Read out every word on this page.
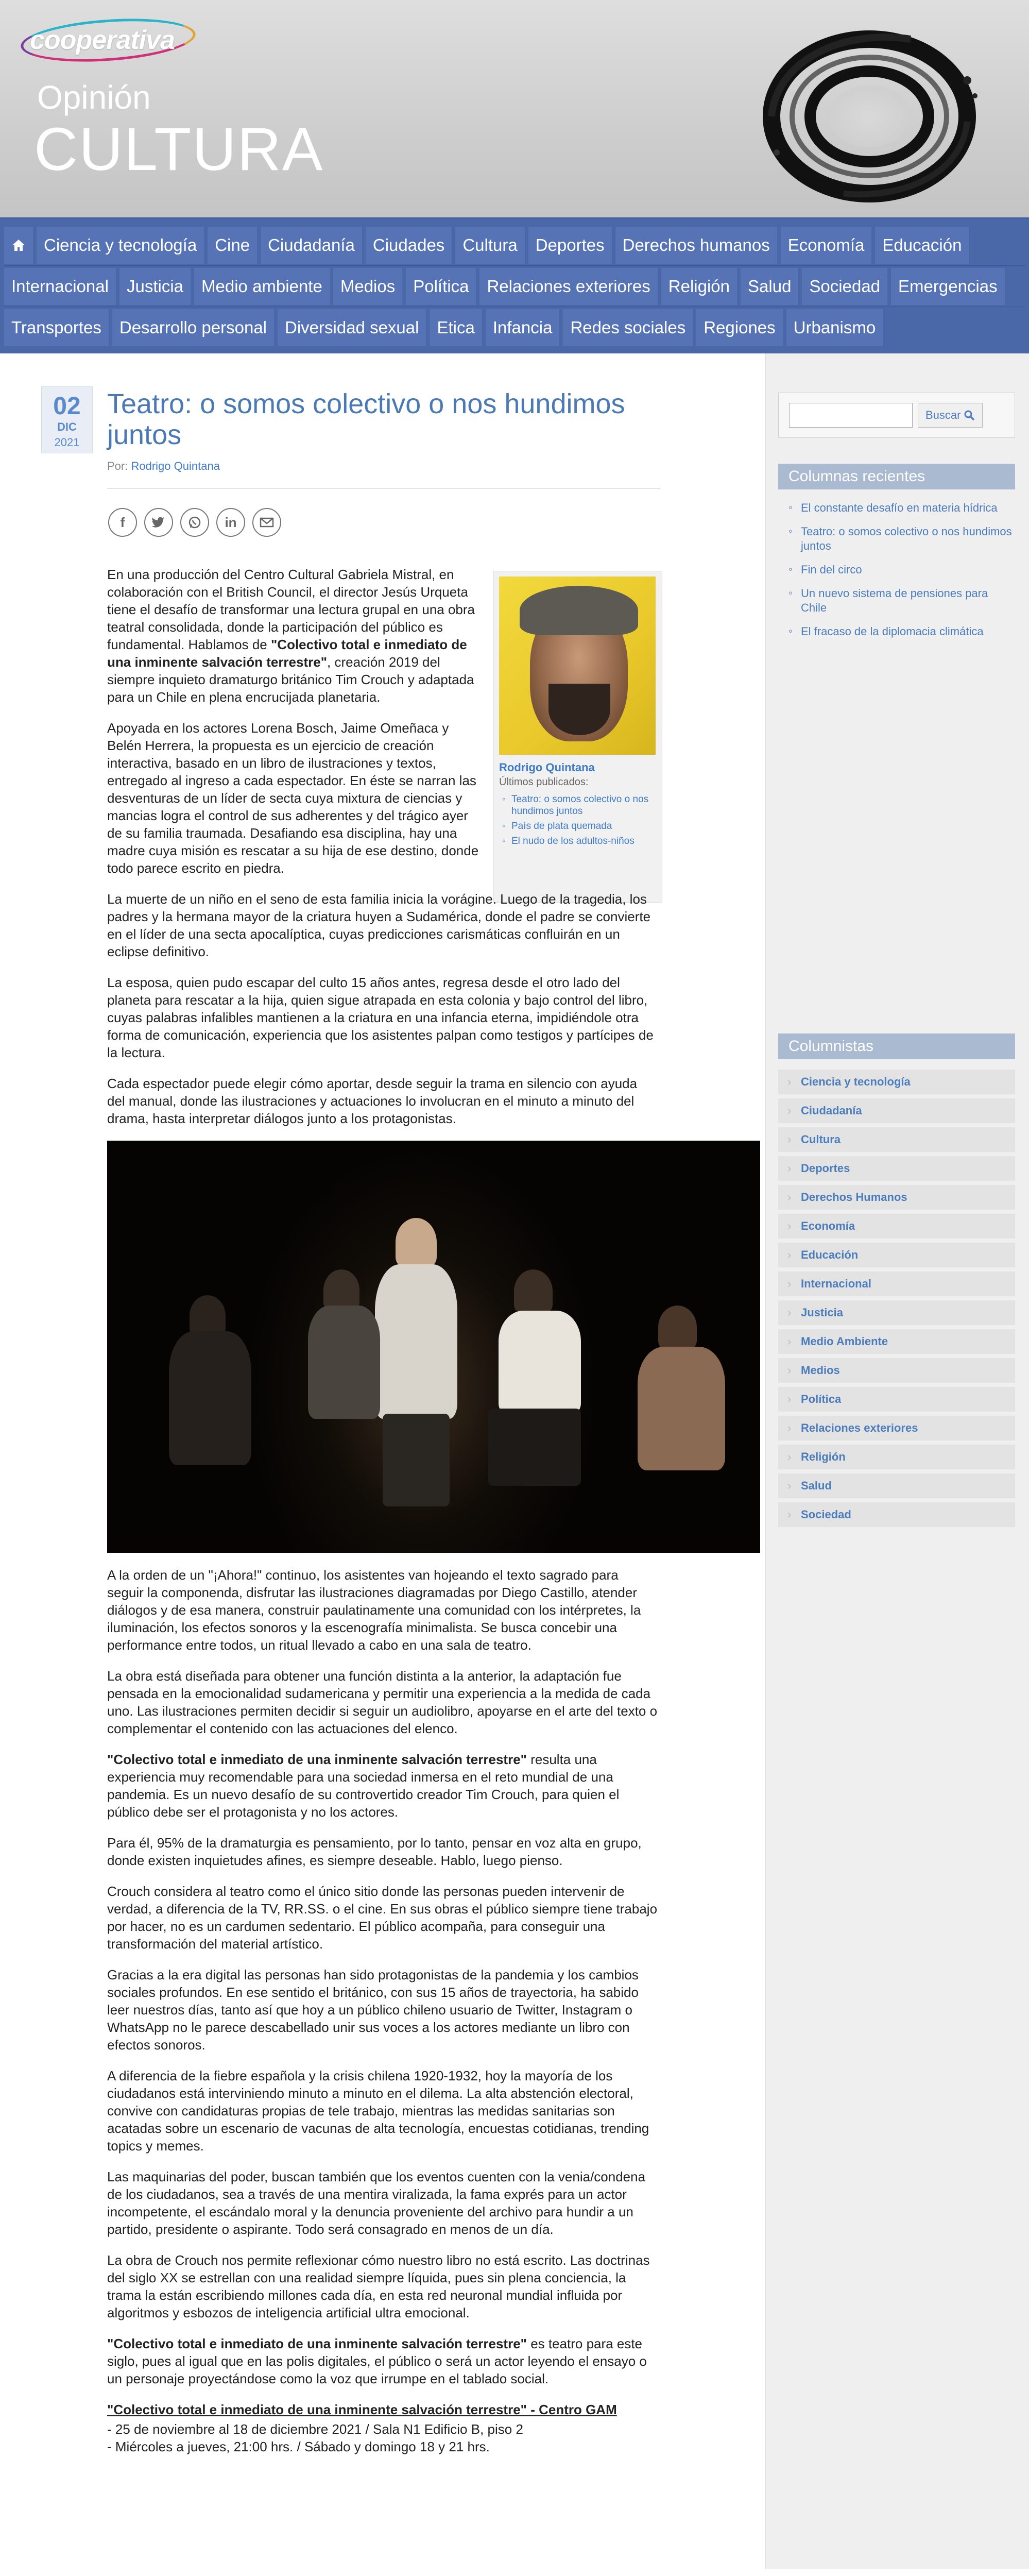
cooperativa
Opinión
CULTURA
Ciencia y tecnología	Cine	Ciudadanía	Ciudades	Cultura	Deportes	Derechos humanos	Economía	Educación
Internacional	Justicia	Medio ambiente	Medios	Política	Relaciones exteriores	Religión	Salud	Sociedad	Emergencias
Transportes	Desarrollo personal	Diversidad sexual	Etica	Infancia	Redes sociales	Regiones	Urbanismo
02
DIC
2021
Teatro: o somos colectivo o nos hundimos juntos
Por: Rodrigo Quintana
f	in
Rodrigo Quintana
Últimos publicados:
◦ Teatro: o somos colectivo o nos hundimos juntos
◦ País de plata quemada
◦ El nudo de los adultos-niños

En una producción del Centro Cultural Gabriela Mistral, en colaboración con el British Council, el director Jesús Urqueta tiene el desafío de transformar una lectura grupal en una obra teatral consolidada, donde la participación del público es fundamental. Hablamos de "Colectivo total e inmediato de una inminente salvación terrestre", creación 2019 del siempre inquieto dramaturgo británico Tim Crouch y adaptada para un Chile en plena encrucijada planetaria.

Apoyada en los actores Lorena Bosch, Jaime Omeñaca y Belén Herrera, la propuesta es un ejercicio de creación interactiva, basado en un libro de ilustraciones y textos, entregado al ingreso a cada espectador. En éste se narran las desventuras de un líder de secta cuya mixtura de ciencias y mancias logra el control de sus adherentes y del trágico ayer de su familia traumada. Desafiando esa disciplina, hay una madre cuya misión es rescatar a su hija de ese destino, donde todo parece escrito en piedra.

La muerte de un niño en el seno de esta familia inicia la vorágine. Luego de la tragedia, los padres y la hermana mayor de la criatura huyen a Sudamérica, donde el padre se convierte en el líder de una secta apocalíptica, cuyas predicciones carismáticas confluirán en un eclipse definitivo.

La esposa, quien pudo escapar del culto 15 años antes, regresa desde el otro lado del planeta para rescatar a la hija, quien sigue atrapada en esta colonia y bajo control del libro, cuyas palabras infalibles mantienen a la criatura en una infancia eterna, impidiéndole otra forma de comunicación, experiencia que los asistentes palpan como testigos y partícipes de la lectura.

Cada espectador puede elegir cómo aportar, desde seguir la trama en silencio con ayuda del manual, donde las ilustraciones y actuaciones lo involucran en el minuto a minuto del drama, hasta interpretar diálogos junto a los protagonistas.

A la orden de un "¡Ahora!" continuo, los asistentes van hojeando el texto sagrado para seguir la componenda, disfrutar las ilustraciones diagramadas por Diego Castillo, atender diálogos y de esa manera, construir paulatinamente una comunidad con los intérpretes, la iluminación, los efectos sonoros y la escenografía minimalista. Se busca concebir una performance entre todos, un ritual llevado a cabo en una sala de teatro.

La obra está diseñada para obtener una función distinta a la anterior, la adaptación fue pensada en la emocionalidad sudamericana y permitir una experiencia a la medida de cada uno. Las ilustraciones permiten decidir si seguir un audiolibro, apoyarse en el arte del texto o complementar el contenido con las actuaciones del elenco.

"Colectivo total e inmediato de una inminente salvación terrestre" resulta una experiencia muy recomendable para una sociedad inmersa en el reto mundial de una pandemia. Es un nuevo desafío de su controvertido creador Tim Crouch, para quien el público debe ser el protagonista y no los actores.

Para él, 95% de la dramaturgia es pensamiento, por lo tanto, pensar en voz alta en grupo, donde existen inquietudes afines, es siempre deseable. Hablo, luego pienso.

Crouch considera al teatro como el único sitio donde las personas pueden intervenir de verdad, a diferencia de la TV, RR.SS. o el cine. En sus obras el público siempre tiene trabajo por hacer, no es un cardumen sedentario. El público acompaña, para conseguir una transformación del material artístico.

Gracias a la era digital las personas han sido protagonistas de la pandemia y los cambios sociales profundos. En ese sentido el británico, con sus 15 años de trayectoria, ha sabido leer nuestros días, tanto así que hoy a un público chileno usuario de Twitter, Instagram o WhatsApp no le parece descabellado unir sus voces a los actores mediante un libro con efectos sonoros.

A diferencia de la fiebre española y la crisis chilena 1920-1932, hoy la mayoría de los ciudadanos está interviniendo minuto a minuto en el dilema. La alta abstención electoral, convive con candidaturas propias de tele trabajo, mientras las medidas sanitarias son acatadas sobre un escenario de vacunas de alta tecnología, encuestas cotidianas, trending topics y memes.

Las maquinarias del poder, buscan también que los eventos cuenten con la venia/condena de los ciudadanos, sea a través de una mentira viralizada, la fama exprés para un actor incompetente, el escándalo moral y la denuncia proveniente del archivo para hundir a un partido, presidente o aspirante. Todo será consagrado en menos de un día.

La obra de Crouch nos permite reflexionar cómo nuestro libro no está escrito. Las doctrinas del siglo XX se estrellan con una realidad siempre líquida, pues sin plena conciencia, la trama la están escribiendo millones cada día, en esta red neuronal mundial influida por algoritmos y esbozos de inteligencia artificial ultra emocional.

"Colectivo total e inmediato de una inminente salvación terrestre" es teatro para este siglo, pues al igual que en las polis digitales, el público o será un actor leyendo el ensayo o un personaje proyectándose como la voz que irrumpe en el tablado social.

"Colectivo total e inmediato de una inminente salvación terrestre" - Centro GAM

- 25 de noviembre al 18 de diciembre 2021 / Sala N1 Edificio B, piso 2

- Miércoles a jueves, 21:00 hrs. / Sábado y domingo 18 y 21 hrs.

Buscar
Columnas recientes
◦ El constante desafío en materia hídrica
◦ Teatro: o somos colectivo o nos hundimos juntos
◦ Fin del circo
◦ Un nuevo sistema de pensiones para Chile
◦ El fracaso de la diplomacia climática
Columnistas
› Ciencia y tecnología
› Ciudadanía
› Cultura
› Deportes
› Derechos Humanos
› Economía
› Educación
› Internacional
› Justicia
› Medio Ambiente
› Medios
› Política
› Relaciones exteriores
› Religión
› Salud
› Sociedad
